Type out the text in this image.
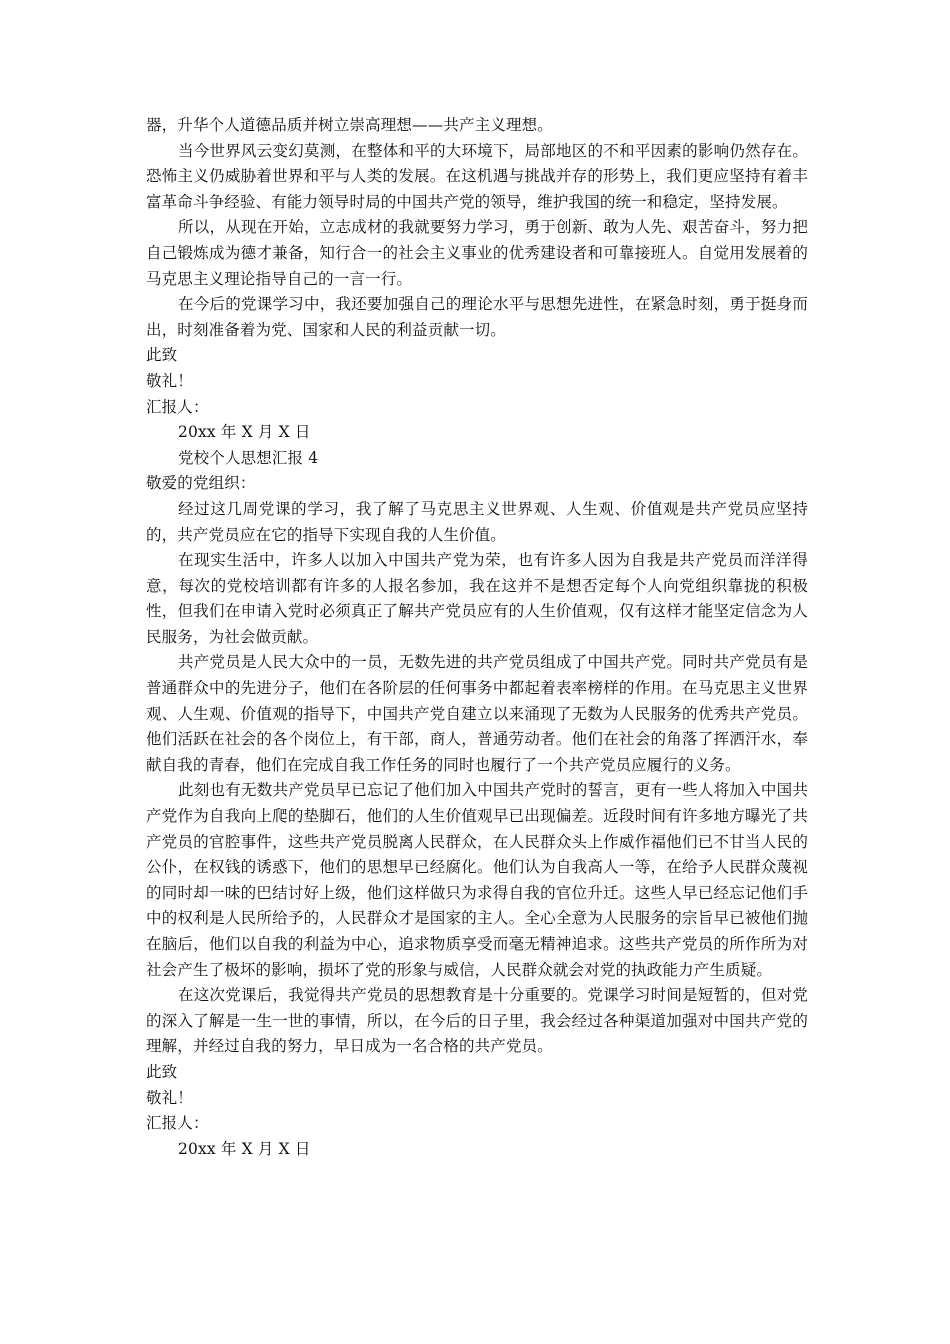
器，升华个人道德品质并树立崇高理想——共产主义理想。

当今世界风云变幻莫测，在整体和平的大环境下，局部地区的不和平因素的影响仍然存在。恐怖主义仍威胁着世界和平与人类的发展。在这机遇与挑战并存的形势上，我们更应坚持有着丰富革命斗争经验、有能力领导时局的中国共产党的领导，维护我国的统一和稳定，坚持发展。

所以，从现在开始，立志成材的我就要努力学习，勇于创新、敢为人先、艰苦奋斗，努力把自己锻炼成为德才兼备，知行合一的社会主义事业的优秀建设者和可靠接班人。自觉用发展着的马克思主义理论指导自己的一言一行。

在今后的党课学习中，我还要加强自己的理论水平与思想先进性，在紧急时刻，勇于挺身而出，时刻准备着为党、国家和人民的利益贡献一切。

此致

敬礼！

汇报人：

20xx 年 X 月 X 日

党校个人思想汇报 4

敬爱的党组织：

经过这几周党课的学习，我了解了马克思主义世界观、人生观、价值观是共产党员应坚持的，共产党员应在它的指导下实现自我的人生价值。

在现实生活中，许多人以加入中国共产党为荣，也有许多人因为自我是共产党员而洋洋得意，每次的党校培训都有许多的人报名参加，我在这并不是想否定每个人向党组织靠拢的积极性，但我们在申请入党时必须真正了解共产党员应有的人生价值观，仅有这样才能坚定信念为人民服务，为社会做贡献。

共产党员是人民大众中的一员，无数先进的共产党员组成了中国共产党。同时共产党员有是普通群众中的先进分子，他们在各阶层的任何事务中都起着表率榜样的作用。在马克思主义世界观、人生观、价值观的指导下，中国共产党自建立以来涌现了无数为人民服务的优秀共产党员。他们活跃在社会的各个岗位上，有干部，商人，普通劳动者。他们在社会的角落了挥洒汗水，奉献自我的青春，他们在完成自我工作任务的同时也履行了一个共产党员应履行的义务。

此刻也有无数共产党员早已忘记了他们加入中国共产党时的誓言，更有一些人将加入中国共产党作为自我向上爬的垫脚石，他们的人生价值观早已出现偏差。近段时间有许多地方曝光了共产党员的官腔事件，这些共产党员脱离人民群众，在人民群众头上作威作福他们已不甘当人民的公仆，在权钱的诱惑下，他们的思想早已经腐化。他们认为自我高人一等，在给予人民群众蔑视的同时却一味的巴结讨好上级，他们这样做只为求得自我的官位升迁。这些人早已经忘记他们手中的权利是人民所给予的，人民群众才是国家的主人。全心全意为人民服务的宗旨早已被他们抛在脑后，他们以自我的利益为中心，追求物质享受而毫无精神追求。这些共产党员的所作所为对社会产生了极坏的影响，损坏了党的形象与威信，人民群众就会对党的执政能力产生质疑。

在这次党课后，我觉得共产党员的思想教育是十分重要的。党课学习时间是短暂的，但对党的深入了解是一生一世的事情，所以，在今后的日子里，我会经过各种渠道加强对中国共产党的理解，并经过自我的努力，早日成为一名合格的共产党员。

此致

敬礼！

汇报人：

20xx 年 X 月 X 日
